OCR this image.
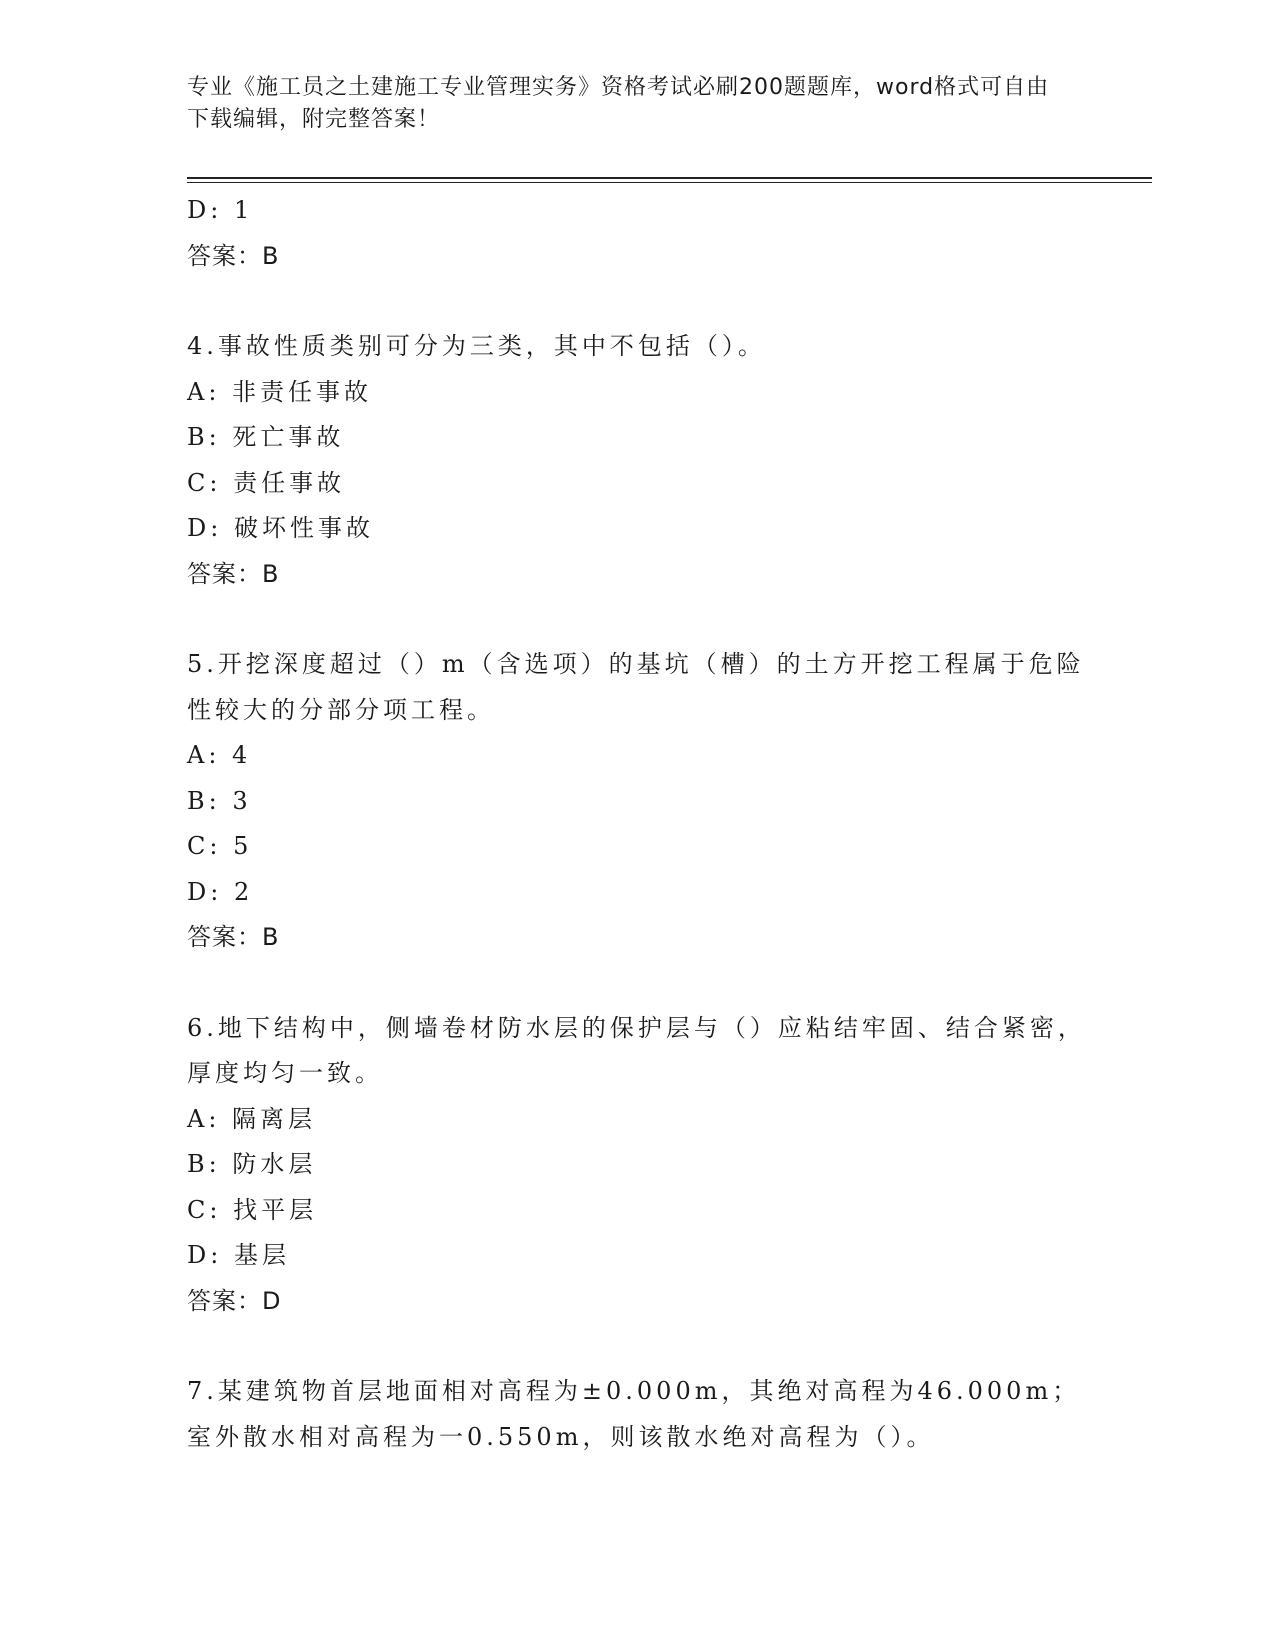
专业《施工员之土建施工专业管理实务》资格考试必刷200题题库，word格式可自由下载编辑，附完整答案！
D: 1
答案：B
4.事故性质类别可分为三类，其中不包括（）。
A: 非责任事故
B: 死亡事故
C: 责任事故
D: 破坏性事故
答案：B
5.开挖深度超过（）m（含选项）的基坑（槽）的土方开挖工程属于危险性较大的分部分项工程。
A: 4
B: 3
C: 5
D: 2
答案：B
6.地下结构中，侧墙卷材防水层的保护层与（）应粘结牢固、结合紧密，厚度均匀一致。
A: 隔离层
B: 防水层
C: 找平层
D: 基层
答案：D
7.某建筑物首层地面相对高程为±0.000m，其绝对高程为46.000m；室外散水相对高程为一0.550m，则该散水绝对高程为（）。
